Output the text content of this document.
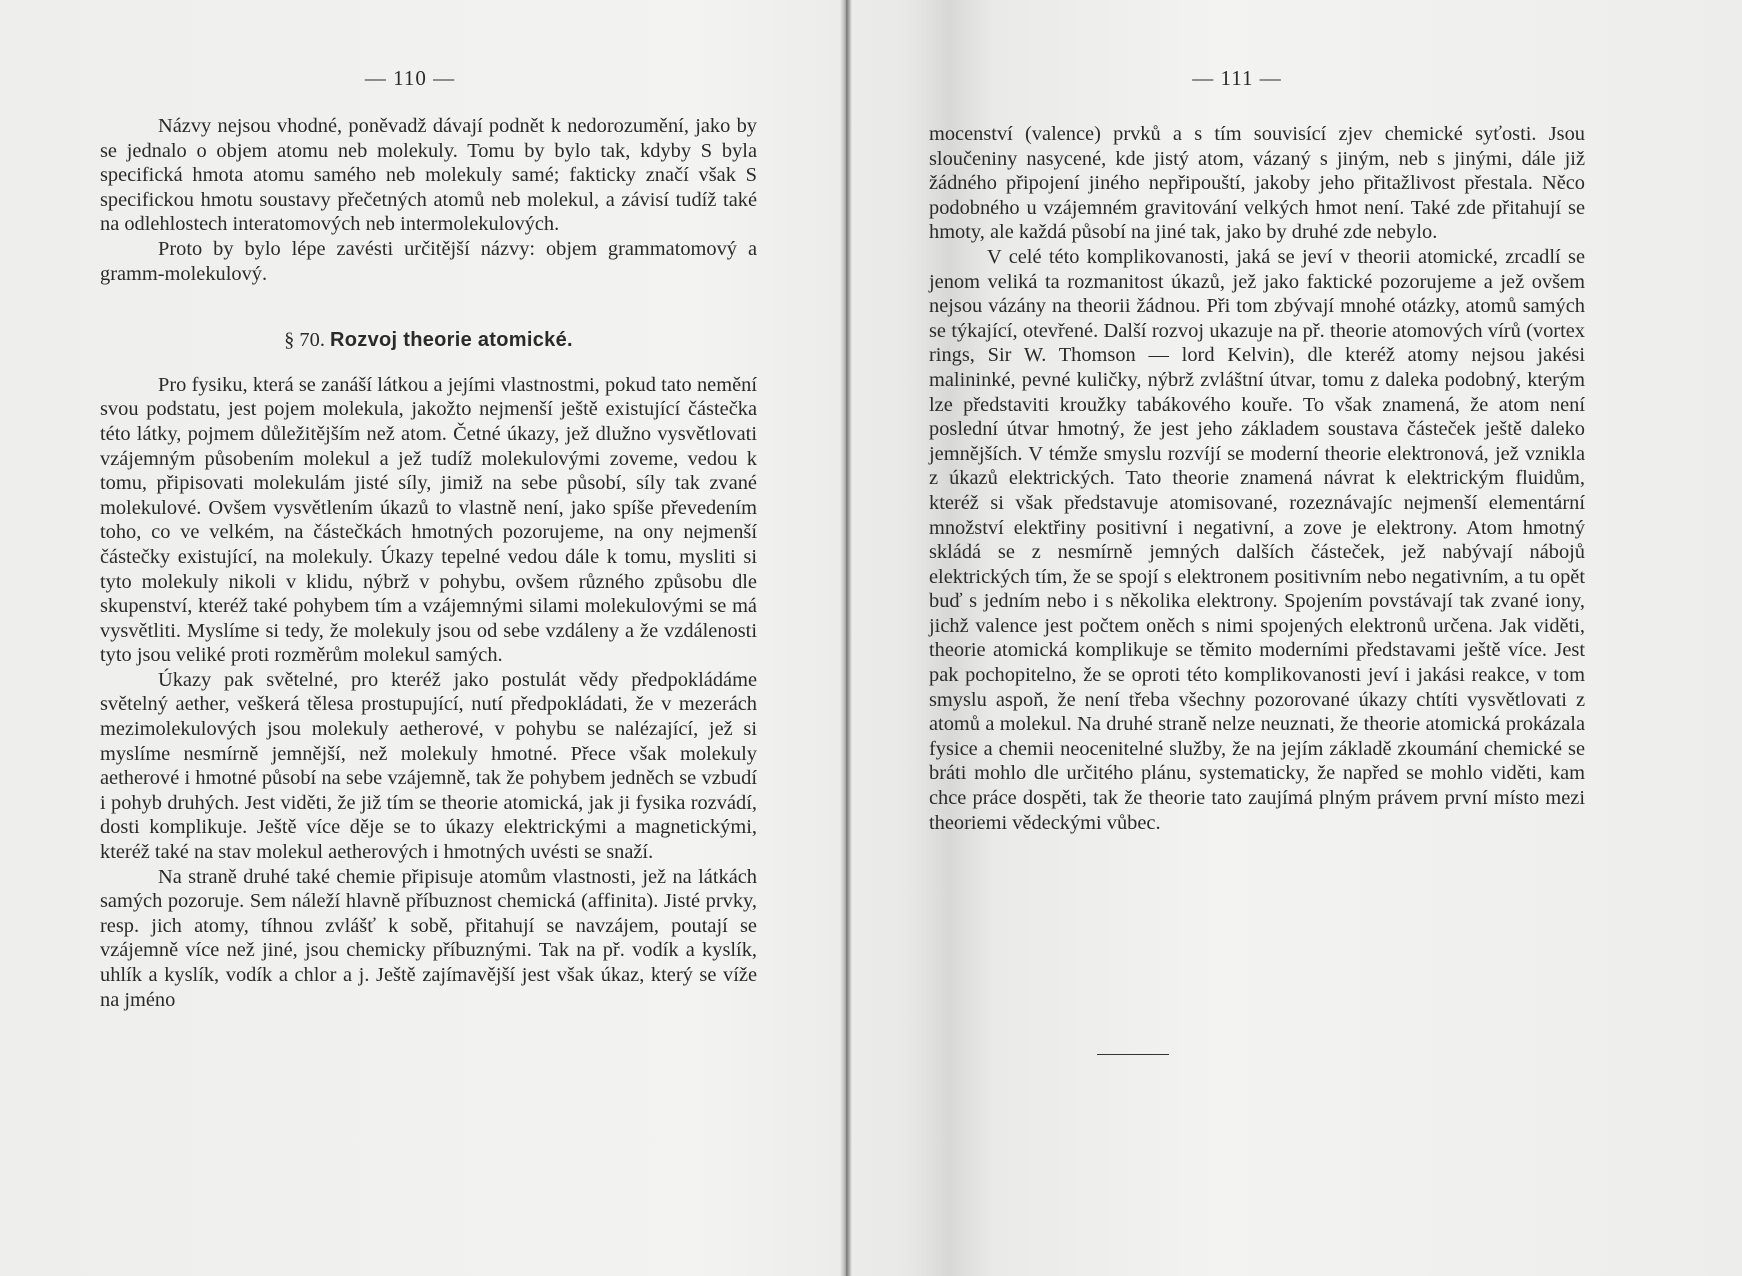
— 110 —

Názvy nejsou vhodné, poněvadž dávají podnět k nedorozumění, jako by se jednalo o objem atomu neb molekuly. Tomu by bylo tak, kdyby S byla specifická hmota atomu samého neb molekuly samé; fakticky značí však S specifickou hmotu soustavy přečetných atomů neb molekul, a závisí tudíž také na odlehlostech interatomových neb intermolekulových.

Proto by bylo lépe zavésti určitější názvy: objem grammatomový a gramm-molekulový.

§ 70. Rozvoj theorie atomické.

Pro fysiku, která se zanáší látkou a jejími vlastnostmi, pokud tato nemění svou podstatu, jest pojem molekula, jakožto nejmenší ještě existující částečka této látky, pojmem důležitějším než atom. Četné úkazy, jež dlužno vysvětlovati vzájemným působením molekul a jež tudíž molekulovými zoveme, vedou k tomu, připisovati molekulám jisté síly, jimiž na sebe působí, síly tak zvané molekulové. Ovšem vysvětlením úkazů to vlastně není, jako spíše převedením toho, co ve velkém, na částečkách hmotných pozorujeme, na ony nejmenší částečky existující, na molekuly. Úkazy tepelné vedou dále k tomu, mysliti si tyto molekuly nikoli v klidu, nýbrž v pohybu, ovšem různého způsobu dle skupenství, kteréž také pohybem tím a vzájemnými silami molekulovými se má vysvětliti. Myslíme si tedy, že molekuly jsou od sebe vzdáleny a že vzdálenosti tyto jsou veliké proti rozměrům molekul samých.

Úkazy pak světelné, pro kteréž jako postulát vědy předpokládáme světelný aether, veškerá tělesa prostupující, nutí předpokládati, že v mezerách mezimolekulových jsou molekuly aetherové, v pohybu se nalézající, jež si myslíme nesmírně jemnější, než molekuly hmotné. Přece však molekuly aetherové i hmotné působí na sebe vzájemně, tak že pohybem jedněch se vzbudí i pohyb druhých. Jest viděti, že již tím se theorie atomická, jak ji fysika rozvádí, dosti komplikuje. Ještě více děje se to úkazy elektrickými a magnetickými, kteréž také na stav molekul aetherových i hmotných uvésti se snaží.

Na straně druhé také chemie připisuje atomům vlastnosti, jež na látkách samých pozoruje. Sem náleží hlavně příbuznost chemická (affinita). Jisté prvky, resp. jich atomy, tíhnou zvlášť k sobě, přitahují se navzájem, poutají se vzájemně více než jiné, jsou chemicky příbuznými. Tak na př. vodík a kyslík, uhlík a kyslík, vodík a chlor a j. Ještě zajímavější jest však úkaz, který se víže na jméno

— 111 —

mocenství (valence) prvků a s tím souvisící zjev chemické syťosti. Jsou sloučeniny nasycené, kde jistý atom, vázaný s jiným, neb s jinými, dále již žádného připojení jiného nepřipouští, jakoby jeho přitažlivost přestala. Něco podobného u vzájemném gravitování velkých hmot není. Také zde přitahují se hmoty, ale každá působí na jiné tak, jako by druhé zde nebylo.

V celé této komplikovanosti, jaká se jeví v theorii atomické, zrcadlí se jenom veliká ta rozmanitost úkazů, jež jako faktické pozorujeme a jež ovšem nejsou vázány na theorii žádnou. Při tom zbývají mnohé otázky, atomů samých se týkající, otevřené. Další rozvoj ukazuje na př. theorie atomových vírů (vortex rings, Sir W. Thomson — lord Kelvin), dle kteréž atomy nejsou jakési malininké, pevné kuličky, nýbrž zvláštní útvar, tomu z daleka podobný, kterým lze představiti kroužky tabákového kouře. To však znamená, že atom není poslední útvar hmotný, že jest jeho základem soustava částeček ještě daleko jemnějších. V témže smyslu rozvíjí se moderní theorie elektronová, jež vznikla z úkazů elektrických. Tato theorie znamená návrat k elektrickým fluidům, kteréž si však představuje atomisované, rozeznávajíc nejmenší elementární množství elektřiny positivní i negativní, a zove je elektrony. Atom hmotný skládá se z nesmírně jemných dalších částeček, jež nabývají nábojů elektrických tím, že se spojí s elektronem positivním nebo negativním, a tu opět buď s jedním nebo i s několika elektrony. Spojením povstávají tak zvané iony, jichž valence jest počtem oněch s nimi spojených elektronů určena. Jak viděti, theorie atomická komplikuje se těmito moderními představami ještě více. Jest pak pochopitelno, že se oproti této komplikovanosti jeví i jakási reakce, v tom smyslu aspoň, že není třeba všechny pozorované úkazy chtíti vysvětlovati z atomů a molekul. Na druhé straně nelze neuznati, že theorie atomická prokázala fysice a chemii neocenitelné služby, že na jejím základě zkoumání chemické se bráti mohlo dle určitého plánu, systematicky, že napřed se mohlo viděti, kam chce práce dospěti, tak že theorie tato zaujímá plným právem první místo mezi theoriemi vědeckými vůbec.
